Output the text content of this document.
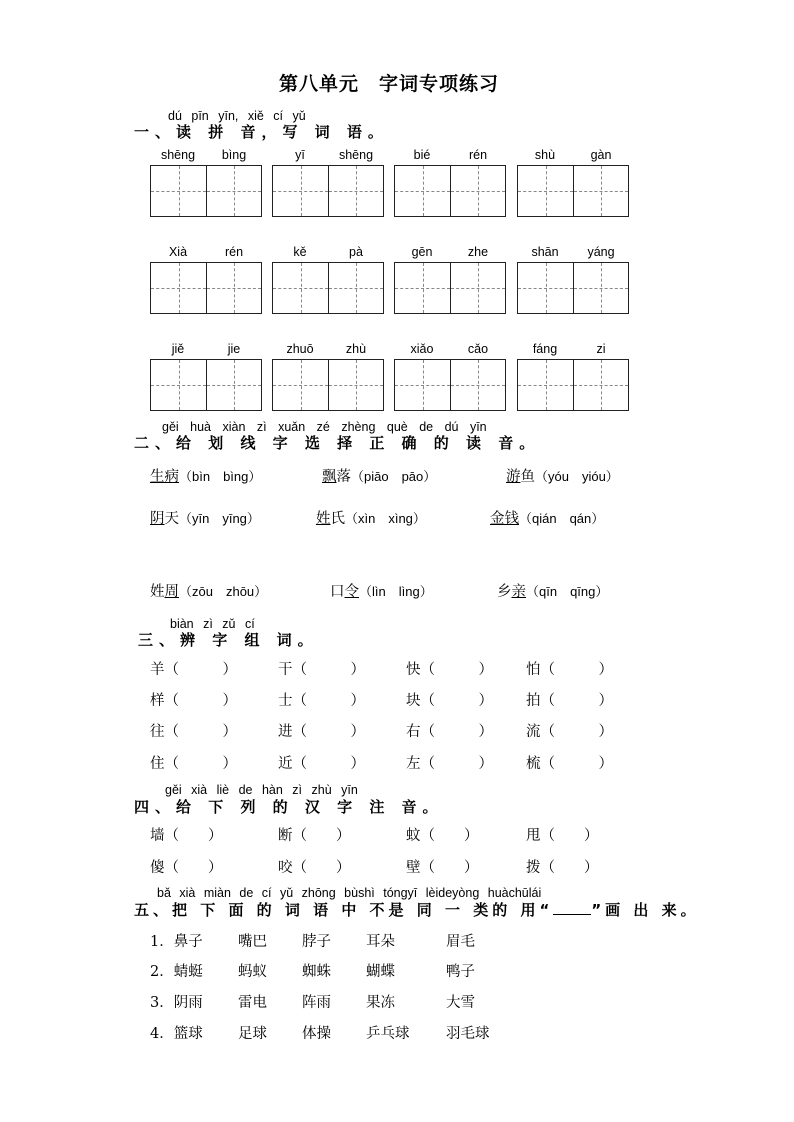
第八单元　字词专项练习
dú pīn yīn, xiě cí yǔ
一、读 拼 音，写 词 语。
shēng	bìng	yī	shēng	bié	rén	shù	gàn
Xià	rén	kě	pà	gēn	zhe	shān	yáng
jiě	jie	zhuō	zhù	xiǎo	cǎo	fáng	zi
gěi huà xiàn zì xuǎn zé zhèng què de dú yīn
二、给 划 线 字 选 择 正 确 的 读 音。
生病（bìn　bìng）	飘落（piāo　pāo）	游鱼（yóu　yióu）
阴天（yīn　yīng）	姓氏（xìn　xìng）	金钱（qián　qán）
姓周（zōu　zhōu）	口令（lìn　lìng）	乡亲（qīn　qīng）
biàn zì zǔ cí
三、辨 字 组 词。
羊（　　　）	干（　　　）	快（　　　） 怕（　　　）
样（　　　）	士（　　　）	块（　　　） 拍（　　　）
往（　　　）	进（　　　）	右（　　　） 流（　　　）
住（　　　）	近（　　　）	左（　　　） 梳（　　　）
gěi xià liè de hàn zì zhù yīn
四、给 下 列 的 汉 字 注 音。
墙（　　）	断（　　）	蚊（　　）	甩（　　）
傻（　　）	咬（　　）	壁（　　）	拨（　　）
bǎ xià miàn de cí yǔ zhōng bùshì tóngyī lèideyòng huàchūlái
五、把 下 面 的 词 语 中 不是 同 一 类的 用“	”画 出 来。
1．鼻子 嘴巴 脖子 耳朵	眉毛
2．蜻蜓 蚂蚁 蜘蛛 蝴蝶	鸭子
3．阴雨 雷电 阵雨 果冻	大雪
4．篮球 足球 体操 乒乓球	羽毛球
